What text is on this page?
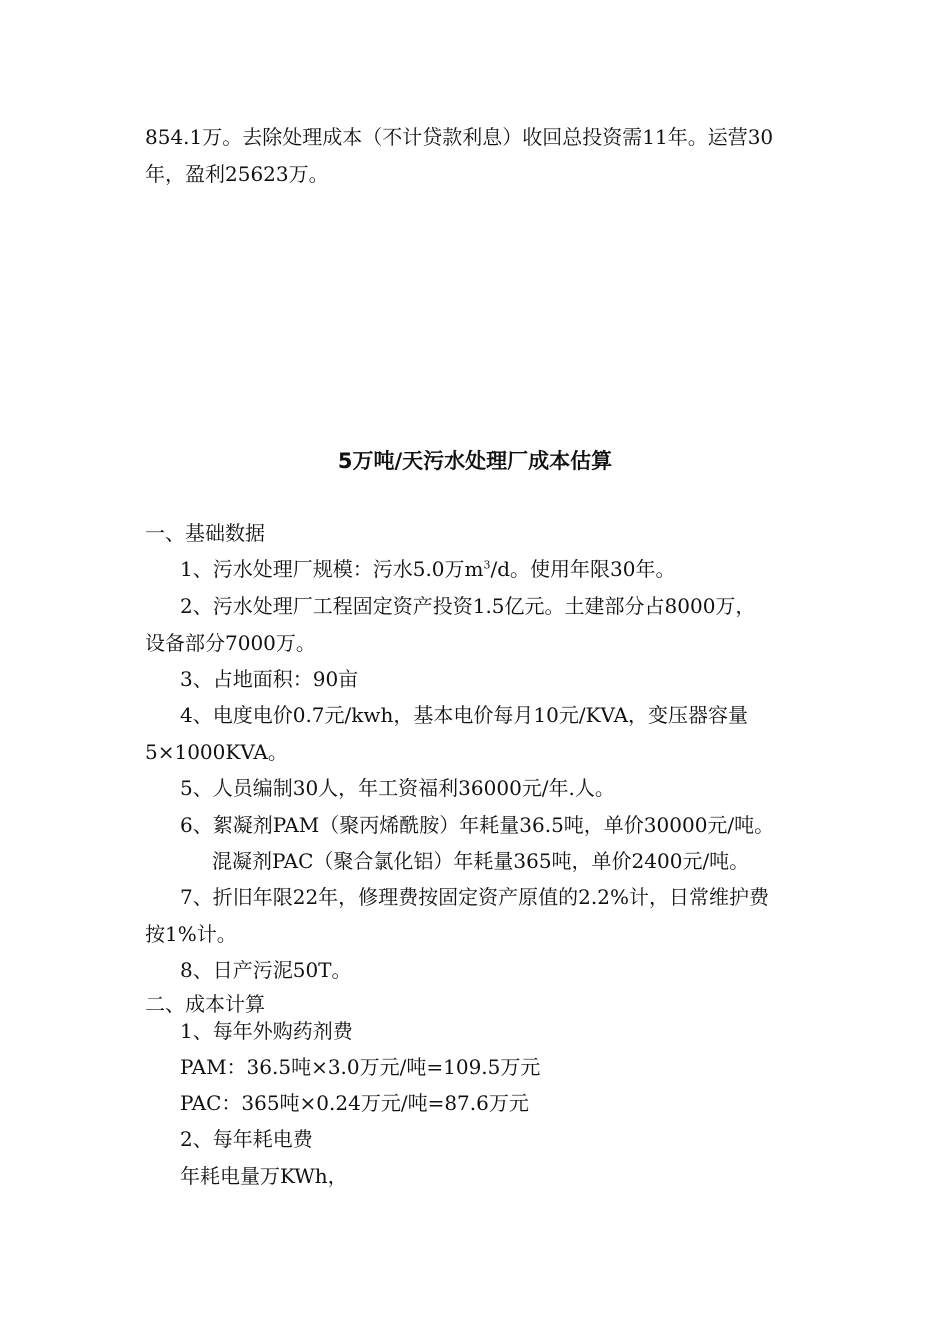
854.1万。去除处理成本（不计贷款利息）收回总投资需11年。运营30
年，盈利25623万。
5万吨/天污水处理厂成本估算
一、基础数据
1、污水处理厂规模：污水5.0万$m^3/d$。使用年限30年。
2、污水处理厂工程固定资产投资1.5亿元。土建部分占8000万，
设备部分7000万。
3、占地面积：90亩
4、电度电价0.7元/kwh，基本电价每月10元/KVA，变压器容量
5×1000KVA。
5、人员编制30人，年工资福利36000元/年.人。
6、絮凝剂PAM（聚丙烯酰胺）年耗量36.5吨，单价30000元/吨。
混凝剂PAC（聚合氯化铝）年耗量365吨，单价2400元/吨。
7、折旧年限22年，修理费按固定资产原值的2.2%计，日常维护费
按1%计。
8、日产污泥50T。
二、成本计算
1、每年外购药剂费
PAM：36.5吨×3.0万元/吨=109.5万元
PAC：365吨×0.24万元/吨=87.6万元
2、每年耗电费
年耗电量万KWh，
